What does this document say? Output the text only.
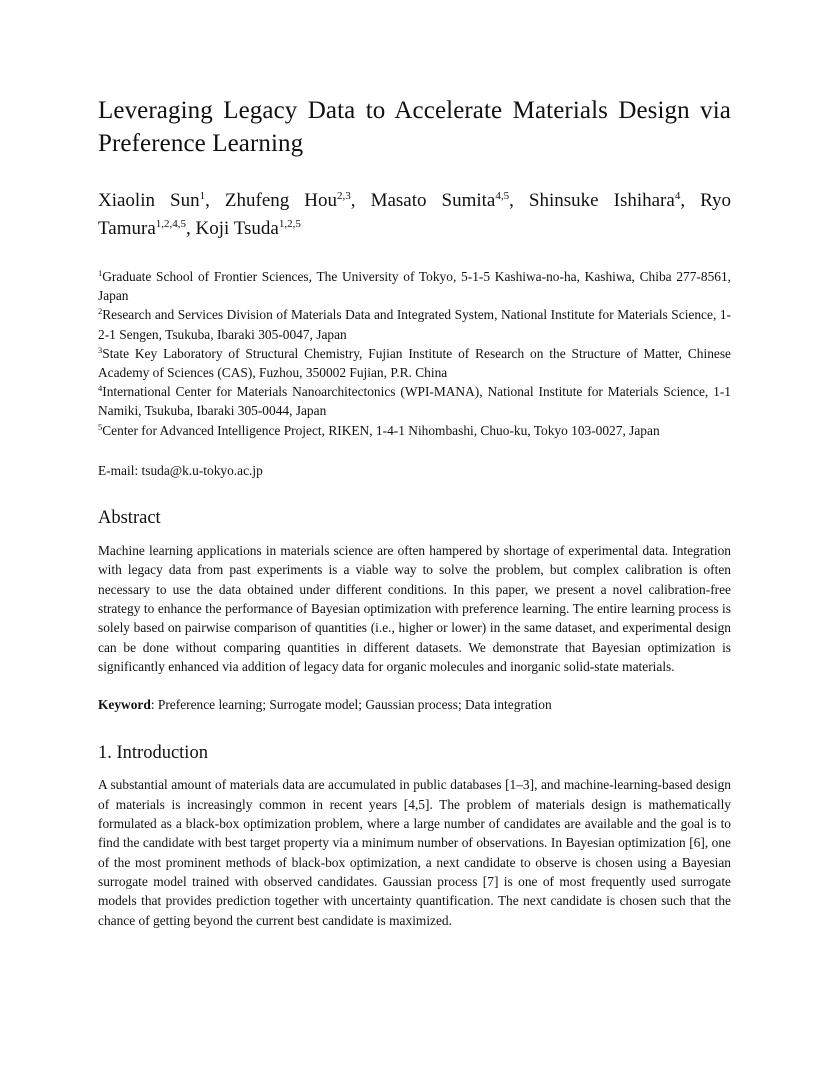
Leveraging Legacy Data to Accelerate Materials Design via
Preference Learning
Xiaolin Sun$^1$, Zhufeng Hou$^{2,3}$, Masato Sumita$^{4,5}$, Shinsuke Ishihara$^4$, Ryo Tamura$^{1,2,4,5}$, Koji Tsuda$^{1,2,5}$

$^1$Graduate School of Frontier Sciences, The University of Tokyo, 5-1-5 Kashiwa-no-ha, Kashiwa, Chiba 277-8561, Japan

$^2$Research and Services Division of Materials Data and Integrated System, National Institute for Materials Science, 1-2-1 Sengen, Tsukuba, Ibaraki 305-0047, Japan

$^3$State Key Laboratory of Structural Chemistry, Fujian Institute of Research on the Structure of Matter, Chinese Academy of Sciences (CAS), Fuzhou, 350002 Fujian, P.R. China

$^4$International Center for Materials Nanoarchitectonics (WPI-MANA), National Institute for Materials Science, 1-1 Namiki, Tsukuba, Ibaraki 305-0044, Japan

$^5$Center for Advanced Intelligence Project, RIKEN, 1-4-1 Nihombashi, Chuo-ku, Tokyo 103-0027, Japan

E-mail: tsuda@k.u-tokyo.ac.jp
Abstract

Machine learning applications in materials science are often hampered by shortage of experimental data. Integration with legacy data from past experiments is a viable way to solve the problem, but complex calibration is often necessary to use the data obtained under different conditions. In this paper, we present a novel calibration-free strategy to enhance the performance of Bayesian optimization with preference learning. The entire learning process is solely based on pairwise comparison of quantities (i.e., higher or lower) in the same dataset, and experimental design can be done without comparing quantities in different datasets. We demonstrate that Bayesian optimization is significantly enhanced via addition of legacy data for organic molecules and inorganic solid-state materials.

Keyword: Preference learning; Surrogate model; Gaussian process; Data integration
1. Introduction

A substantial amount of materials data are accumulated in public databases [1–3], and machine-learning-based design of materials is increasingly common in recent years [4,5]. The problem of materials design is mathematically formulated as a black-box optimization problem, where a large number of candidates are available and the goal is to find the candidate with best target property via a minimum number of observations. In Bayesian optimization [6], one of the most prominent methods of black-box optimization, a next candidate to observe is chosen using a Bayesian surrogate model trained with observed candidates. Gaussian process [7] is one of most frequently used surrogate models that provides prediction together with uncertainty quantification. The next candidate is chosen such that the chance of getting beyond the current best candidate is maximized.
